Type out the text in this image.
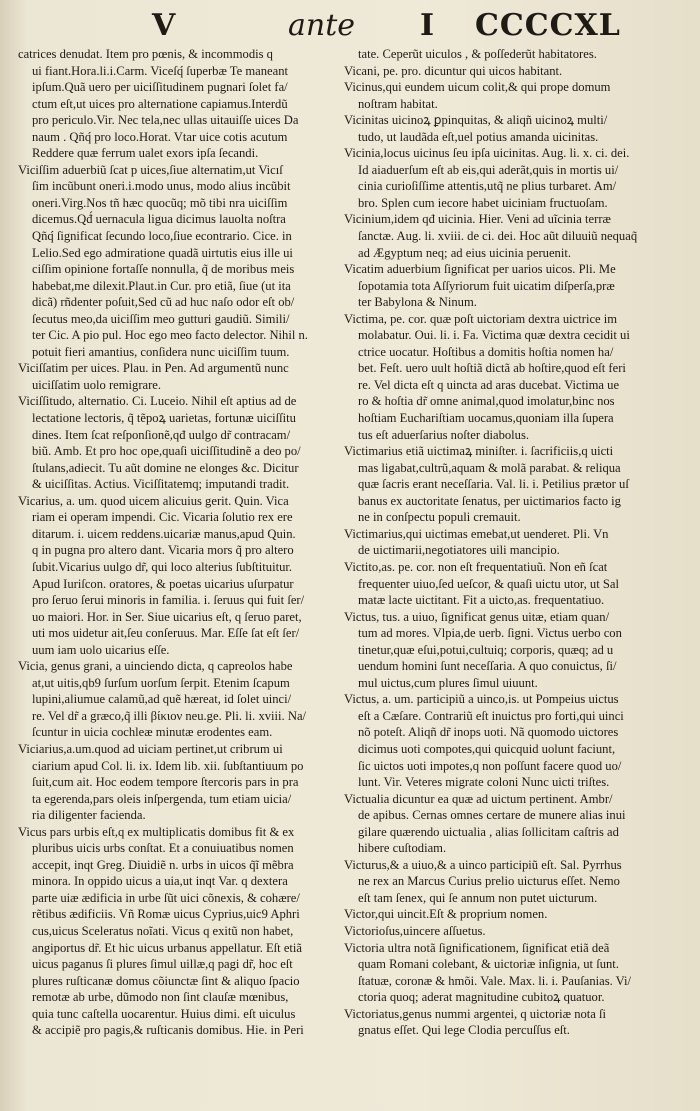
V	ante I CCCCXL
catrices denudat. Item pro pœnis, & incommodis q
ui fiant.Hora.li.i.Carm. Viceſq́ ſuperbæ Te maneant
ipſum.Quã uero per uiciſſitudinem pugnari ſolet fa/
ctum eſt,ut uices pro alternatione capiamus.Interdũ
pro periculo.Vir. Nec tela,nec ullas uitauiſſe uices Da
naum . Qñq́ pro loco.Horat. Vtar uice cotis acutum
Reddere quæ ferrum ualet exors ipſa ſecandi.
Viciſſim aduerbiũ ſcat p uices,ſiue alternatim,ut Vicıſ
ſim incũbunt oneri.i.modo unus, modo alius incũbit
oneri.Virg.Nos tñ hæc quocũq; mõ tibi nra uiciſſim
dicemus.Qđ́ uernacula ligua dicimus lauolta noſtra
Qñq́ ſignificat ſecundo loco,ſiue econtrario. Cice. in
Lelio.Sed ego admiratione quadã uirtutis eius ille ui
ciſſim opinione fortaſſe nonnulla, q̃ de moribus meis
habebat,me dilexit.Plaut.in Cur. pro etiã, ſiue (ut ita
dicã) rñdenter poſuit,Sed cũ ad huc naſo odor eſt ob/
ſecutus meo,da uiciſſim meo gutturi gaudiũ. Simili/
ter Cic. A pio pul. Hoc ego meo facto delector. Nihil n.
potuit fieri amantius, conſidera nunc uiciſſim tuum.
Viciſſatim per uices. Plau. in Pen. Ad argumentũ nunc
uiciſſatim uolo remigrare.
Viciſſitudo, alternatio. Ci. Luceio. Nihil eſt aptius ad de
lectatione lectoris, q̃ tẽpoꝝ uarietas, fortunæ uiciſſitu
dines. Item ſcat reſponſionẽ,qđ uulgo dr̃ contracam/
biũ. Amb. Et pro hoc ope,quaſi uiciſſitudinẽ a deo po/
ſtulans,adiecit. Tu aũt domine ne elonges &c. Dicitur
& uiciſſitas. Actius. Viciſſitatemq; imputandi tradit.
Vicarius, a. um. quod uicem alicuius gerit. Quin. Vica
riam ei operam impendi. Cic. Vicaria ſolutio rex ere
ditarum. i. uicem reddens.uicariæ manus,apud Quin.
q in pugna pro altero dant. Vicaria mors q̃ pro altero
ſubit.Vicarius uulgo dr̃, qui loco alterius ſubſtituitur.
Apud Iuriſcon. oratores, & poetas uicarius uſurpatur
pro ſeruo ſerui minoris in familia. i. ſeruus qui fuit ſer/
uo maiori. Hor. in Ser. Siue uicarius eſt, q ſeruo paret,
uti mos uidetur ait,ſeu conſeruus. Mar. Eſſe ſat eſt ſer/
uum iam uolo uicarius eſſe.
Vicia, genus grani, a uinciendo dicta, q capreolos habe
at,ut uitis,qb9 ſurſum uorſum ſerpit. Etenim ſcapum
lupini,aliumue calamũ,ad quẽ hæreat, id ſolet uinci/
re. Vel dr̃ a græco,q̃ illi βίκιον neu.ge. Pli. li. xviii. Na/
ſcuntur in uicia cochleæ minutæ erodentes eam.
Viciarius,a.um.quod ad uiciam pertinet,ut cribrum ui
ciarium apud Col. li. ix. Idem lib. xii. ſubſtantiuum po
ſuit,cum ait. Hoc eodem tempore ſtercoris pars in pra
ta egerenda,pars oleis inſpergenda, tum etiam uicia/
ria diligenter facienda.
Vicus pars urbis eſt,q ex multiplicatis domibus fit & ex
pluribus uicis urbs conſtat. Et a conuiuatibus nomen
accepit, inqt Greg. Diuidiẽ n. urbs in uicos q̃ĩ mẽbra
minora. In oppido uicus a uia,ut inqt Var. q dextera
parte uiæ ædificia in urbe ſũt uici cõnexis, & cohære/
rẽtibus ædificiis. Vñ Romæ uicus Cyprius,uic9 Aphri
cus,uicus Sceleratus noĩati. Vicus q exitũ non habet,
angiportus dr̃. Et hic uicus urbanus appellatur. Eſt etiã
uicus paganus ſi plures ſimul uillæ,q pagi dr̃, hoc eſt
plures ruſticanæ domus cõiunctæ ſint & aliquo ſpacio
remotæ ab urbe, dũmodo non ſint clauſæ mœnibus,
quia tunc caſtella uocarentur. Huius dimi. eſt uiculus
& accipiẽ pro pagis,& ruſticanis domibus. Hie. in Peri
tate. Ceperũt uiculos , & poſſederũt habitatores.
Vicani, pe. pro. dicuntur qui uicos habitant.
Vicinus,qui eundem uicum colit,& qui prope domum
noſtram habitat.
Vicinitas uicinoꝝ ꝑpinquitas, & aliqñ uicinoꝝ multi/
tudo, ut laudãda eſt,uel potius amanda uicinitas.
Vicinia,locus uicinus ſeu ipſa uicinitas. Aug. li. x. ci. dei.
Id aiaduerſum eſt ab eis,qui aderãt,quis in mortis ui/
cinia curioſiſſime attentis,utq̃ ne plius turbaret. Am/
bro. Splen cum iecore habet uiciniam fructuoſam.
Vicinium,idem qđ uicinia. Hier. Veni ad uĩcinia terræ
ſanctæ. Aug. li. xviii. de ci. dei. Hoc aũt diluuiũ nequaq̃
ad Ægyptum neq; ad eius uicinia peruenit.
Vicatim aduerbium ſignificat per uarios uicos. Pli. Me
ſopotamia tota Aſſyriorum fuit uicatim diſperſa,præ
ter Babylona & Ninum.
Victima, pe. cor. quæ poſt uictoriam dextra uictrice im
molabatur. Oui. li. i. Fa. Victima quæ dextra cecidit ui
ctrice uocatur. Hoſtibus a domitis hoſtia nomen ha/
bet. Feſt. uero uult hoſtiã dictã ab hoſtire,quod eſt feri
re. Vel dicta eſt q uincta ad aras ducebat. Victima ue
ro & hoſtia dr̃ omne animal,quod imolatur,binc nos
hoſtiam Euchariſtiam uocamus,quoniam illa ſupera
tus eſt aduerſarius noſter diabolus.
Victimarius etiã uictimaꝝ miniſter. i. ſacrificiis,q uicti
mas ligabat,cultrũ,aquam & molã parabat. & reliqua
quæ ſacris erant neceſſaria. Val. li. i. Petilius prætor uſ
banus ex auctoritate ſenatus, per uictimarios facto ig
ne in conſpectu populi cremauit.
Victimarius,qui uictimas emebat,ut uenderet. Pli. Vn
de uictimarii,negotiatores uili mancipio.
Victito,as. pe. cor. non eſt frequentatiuũ. Non eñ ſcat
frequenter uiuo,ſed ueſcor, & quaſi uictu utor, ut Sal
matæ lacte uictitant. Fit a uicto,as. frequentatiuo.
Victus, tus. a uiuo, ſignificat genus uitæ, etiam quan/
tum ad mores. Vlpia,de uerb. ſigni. Victus uerbo con
tinetur,quæ eſui,potui,cultuiq; corporis, quæq; ad u
uendum homini ſunt neceſſaria. A quo conuictus, ſi/
mul uictus,cum plures ſimul uiuunt.
Victus, a. um. participiũ a uinco,is. ut Pompeius uictus
eſt a Cæſare. Contrariũ eſt inuictus pro forti,qui uinci
nõ poteſt. Aliqñ dr̃ inops uoti. Nã quomodo uictores
dicimus uoti compotes,qui quicquid uolunt faciunt,
ſic uictos uoti impotes,q non poſſunt facere quod uo/
lunt. Vir. Veteres migrate coloni Nunc uicti triſtes.
Victualia dicuntur ea quæ ad uictum pertinent. Ambr/
de apibus. Cernas omnes certare de munere alias inui
gilare quærendo uictualia , alias ſollicitam caſtris ad
hibere cuſtodiam.
Victurus,& a uiuo,& a uinco participiũ eſt. Sal. Pyrrhus
ne rex an Marcus Curius prelio uicturus eſſet. Nemo
eſt tam ſenex, qui ſe annum non putet uicturum.
Victor,qui uincit.Eſt & proprium nomen.
Victorioſus,uincere aſſuetus.
Victoria ultra notã ſignificationem, ſignificat etiã deã
quam Romani colebant, & uictoriæ inſignia, ut ſunt.
ſtatuæ, coronæ & hmõi. Vale. Max. li. i. Pauſanias. Vi/
ctoria quoq; aderat magnitudine cubitoꝝ quatuor.
Victoriatus,genus nummi argentei, q uictoriæ nota ſi
gnatus eſſet. Qui lege Clodia percuſſus eſt.
